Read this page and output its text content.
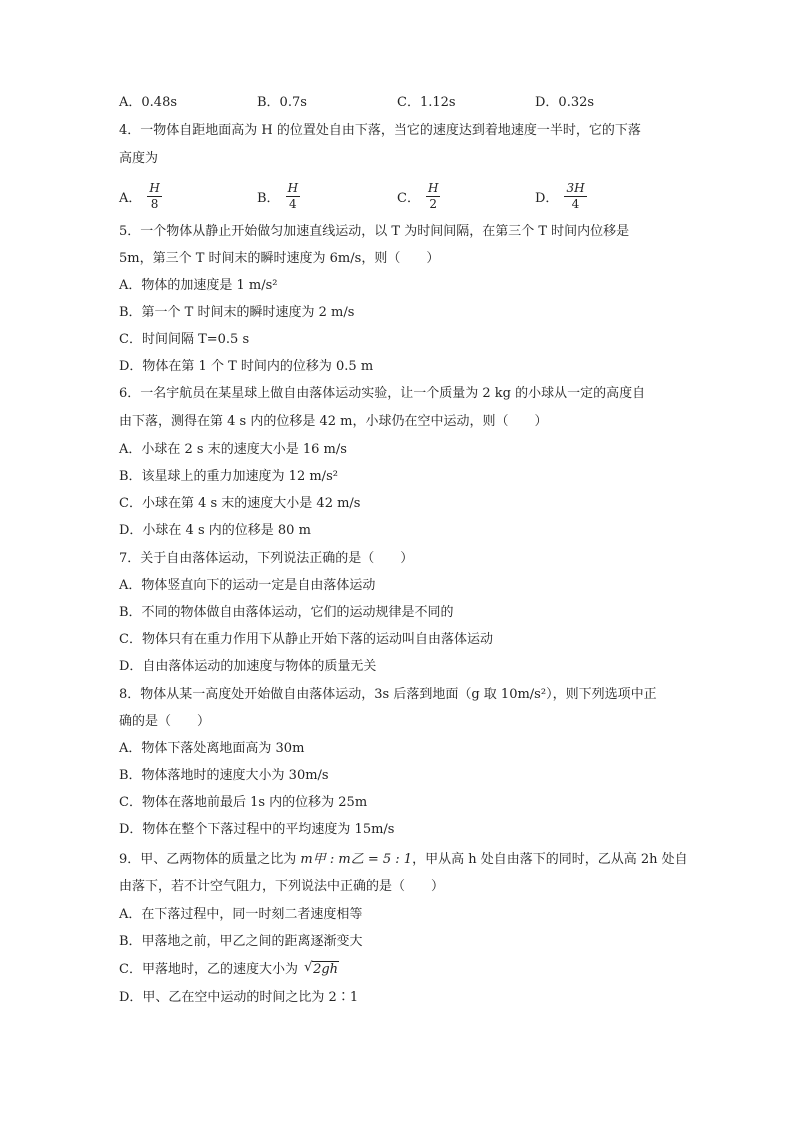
A．0.48s	B．0.7s	C．1.12s	D．0.32s
4．一物体自距地面高为 H 的位置处自由下落，当它的速度达到着地速度一半时，它的下落
高度为
A． $\frac{H}{8}$	B． $\frac{H}{4}$	C． $\frac{H}{2}$	D． $\frac{3H}{4}$
5．一个物体从静止开始做匀加速直线运动，以 T 为时间间隔，在第三个 T 时间内位移是
5m，第三个 T 时间末的瞬时速度为 6m/s，则（　　）
A．物体的加速度是 1 m/s²
B．第一个 T 时间末的瞬时速度为 2 m/s
C．时间间隔 T=0.5 s
D．物体在第 1 个 T 时间内的位移为 0.5 m
6．一名宇航员在某星球上做自由落体运动实验，让一个质量为 2 kg 的小球从一定的高度自
由下落，测得在第 4 s 内的位移是 42 m，小球仍在空中运动，则（　　）
A．小球在 2 s 末的速度大小是 16 m/s
B．该星球上的重力加速度为 12 m/s²
C．小球在第 4 s 末的速度大小是 42 m/s
D．小球在 4 s 内的位移是 80 m
7．关于自由落体运动，下列说法正确的是（　　）
A．物体竖直向下的运动一定是自由落体运动
B．不同的物体做自由落体运动，它们的运动规律是不同的
C．物体只有在重力作用下从静止开始下落的运动叫自由落体运动
D．自由落体运动的加速度与物体的质量无关
8．物体从某一高度处开始做自由落体运动，3s 后落到地面（g 取 10m/s²），则下列选项中正
确的是（　　）
A．物体下落处离地面高为 30m
B．物体落地时的速度大小为 30m/s
C．物体在落地前最后 1s 内的位移为 25m
D．物体在整个下落过程中的平均速度为 15m/s
9．甲、乙两物体的质量之比为 m甲 : m乙 = 5 : 1，甲从高 h 处自由落下的同时，乙从高 2h 处自
由落下，若不计空气阻力，下列说法中正确的是（　　）
A．在下落过程中，同一时刻二者速度相等
B．甲落地之前，甲乙之间的距离逐渐变大
C．甲落地时，乙的速度大小为 √ 2gh
D．甲、乙在空中运动的时间之比为 2∶1
